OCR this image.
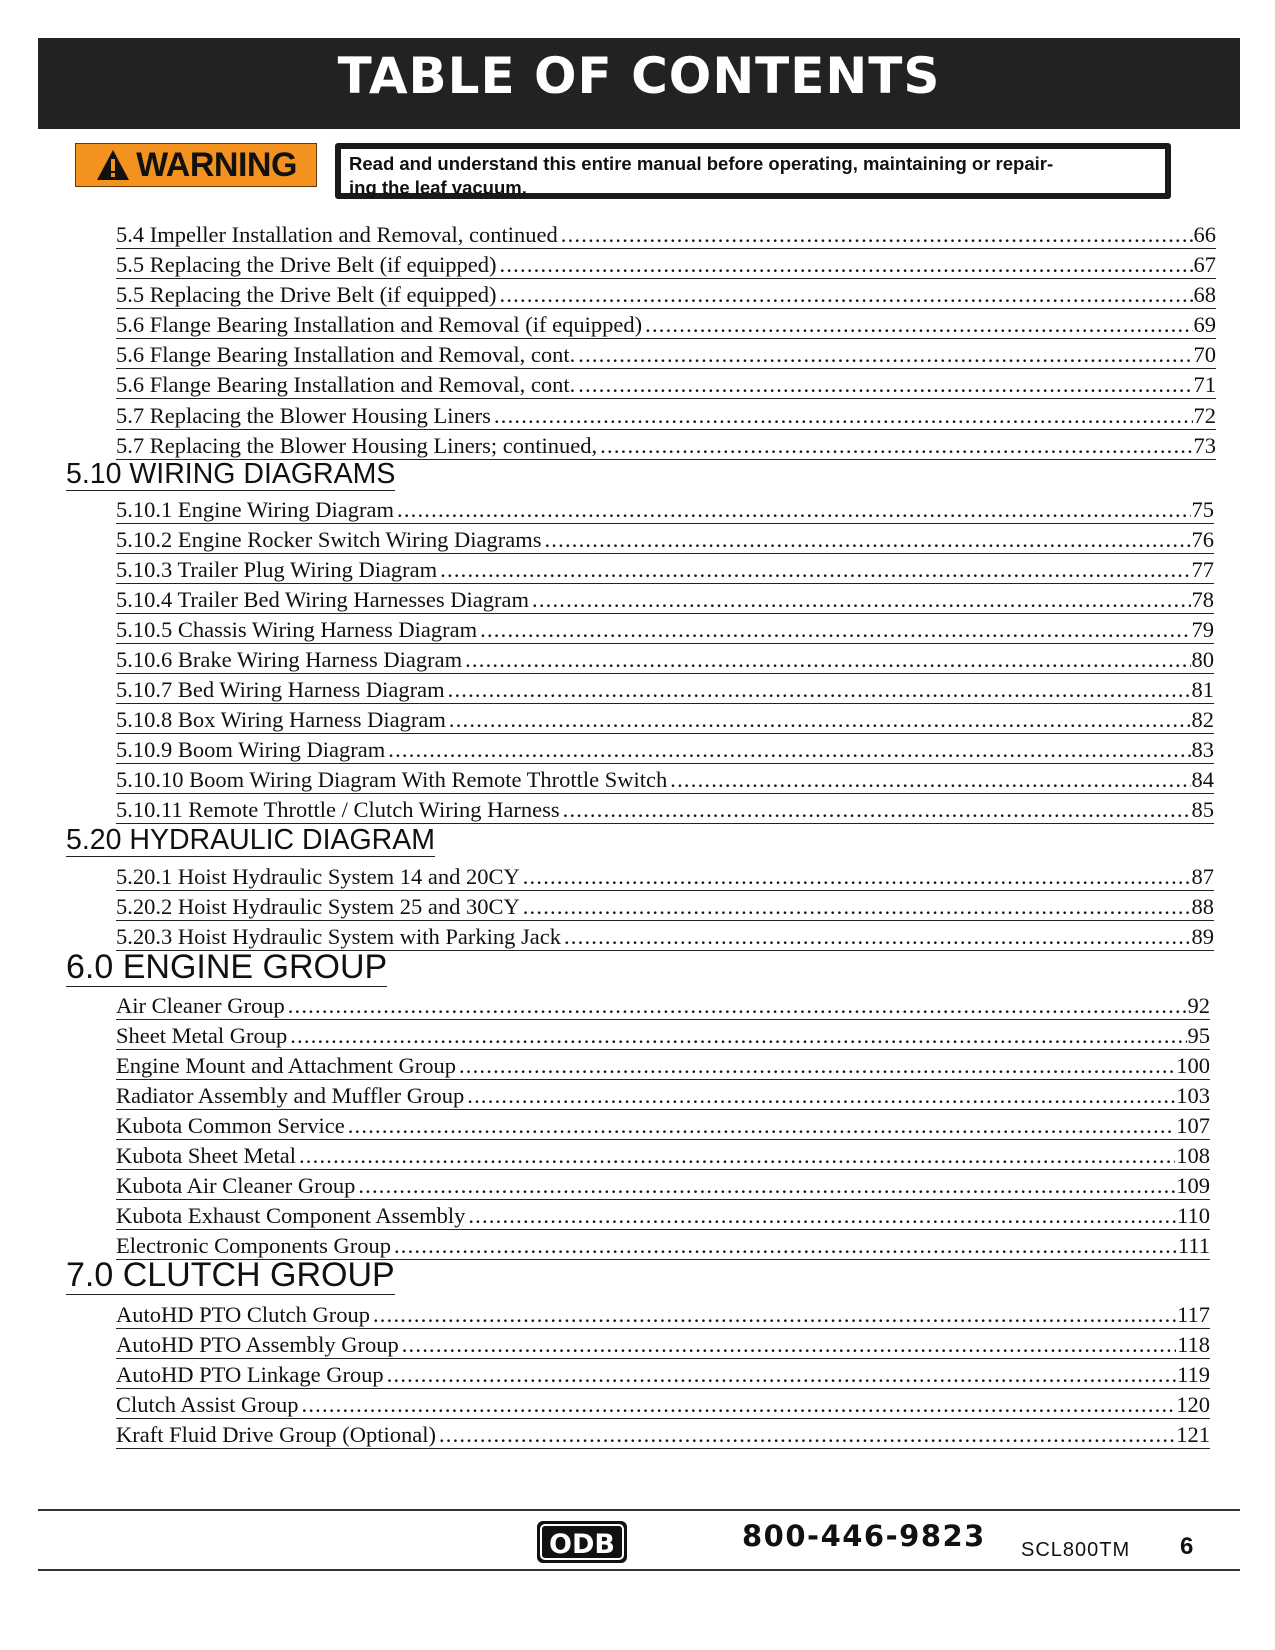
TABLE OF CONTENTS
WARNING	Read and understand this entire manual before operating, maintaining or repair-
ing the leaf vacuum.
5.4 Impeller Installation and Removal, continued .....	66
5.5 Replacing the Drive Belt (if equipped) .....	67
5.5 Replacing the Drive Belt (if equipped) .....	68
5.6 Flange Bearing Installation and Removal (if equipped) .....	69
5.6 Flange Bearing Installation and Removal, cont. .....	70
5.6 Flange Bearing Installation and Removal, cont. .....	71
5.7 Replacing the Blower Housing Liners .....	72
5.7 Replacing the Blower Housing Liners; continued, .....	73
5.10 WIRING DIAGRAMS
5.10.1 Engine Wiring Diagram .....	75
5.10.2 Engine Rocker Switch Wiring Diagrams .....	76
5.10.3 Trailer Plug Wiring Diagram .....	77
5.10.4 Trailer Bed Wiring Harnesses Diagram .....	78
5.10.5 Chassis Wiring Harness Diagram .....	79
5.10.6 Brake Wiring Harness Diagram .....	80
5.10.7 Bed Wiring Harness Diagram .....	81
5.10.8 Box Wiring Harness Diagram .....	82
5.10.9 Boom Wiring Diagram .....	83
5.10.10 Boom Wiring Diagram With Remote Throttle Switch .....	84
5.10.11 Remote Throttle / Clutch Wiring Harness .....	85
5.20 HYDRAULIC DIAGRAM
5.20.1 Hoist Hydraulic System 14 and 20CY .....	87
5.20.2 Hoist Hydraulic System 25 and 30CY .....	88
5.20.3 Hoist Hydraulic System with Parking Jack .....	89
6.0 ENGINE GROUP
Air Cleaner Group .....	92
Sheet Metal Group .....	95
Engine Mount and Attachment Group .....	100
Radiator Assembly and Muffler Group .....	103
Kubota Common Service .....	107
Kubota Sheet Metal .....	108
Kubota Air Cleaner Group .....	109
Kubota Exhaust Component Assembly .....	110
Electronic Components Group .....	111
7.0 CLUTCH GROUP
AutoHD PTO Clutch Group .....	117
AutoHD PTO Assembly Group .....	118
AutoHD PTO Linkage Group .....	119
Clutch Assist Group .....	120
Kraft Fluid Drive Group (Optional) .....	121
ODB	800-446-9823 SCL800TM 6
